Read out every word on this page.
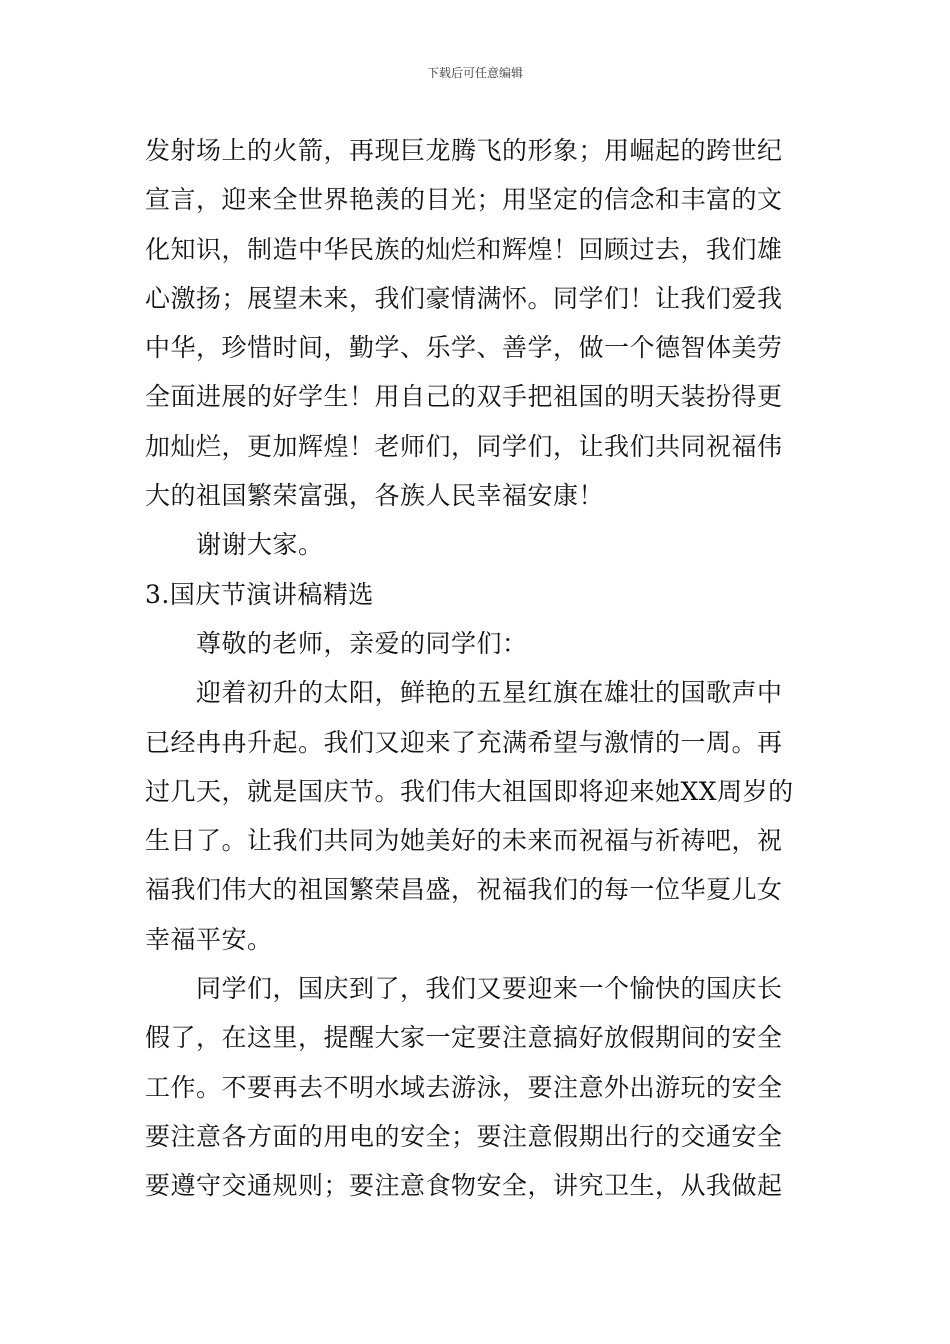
下载后可任意编辑
发射场上的火箭，再现巨龙腾飞的形象；用崛起的跨世纪
宣言，迎来全世界艳羡的目光；用坚定的信念和丰富的文
化知识，制造中华民族的灿烂和辉煌！回顾过去，我们雄
心激扬；展望未来，我们豪情满怀。同学们！让我们爱我
中华，珍惜时间，勤学、乐学、善学，做一个德智体美劳
全面进展的好学生！用自己的双手把祖国的明天装扮得更
加灿烂，更加辉煌！老师们，同学们，让我们共同祝福伟
大的祖国繁荣富强，各族人民幸福安康！
谢谢大家。
3.国庆节演讲稿精选
尊敬的老师，亲爱的同学们：
迎着初升的太阳，鲜艳的五星红旗在雄壮的国歌声中
已经冉冉升起。我们又迎来了充满希望与激情的一周。再
过几天，就是国庆节。我们伟大祖国即将迎来她XX周岁的
生日了。让我们共同为她美好的未来而祝福与祈祷吧，祝
福我们伟大的祖国繁荣昌盛，祝福我们的每一位华夏儿女
幸福平安。
同学们，国庆到了，我们又要迎来一个愉快的国庆长
假了，在这里，提醒大家一定要注意搞好放假期间的安全
工作。不要再去不明水域去游泳，要注意外出游玩的安全
要注意各方面的用电的安全；要注意假期出行的交通安全
要遵守交通规则；要注意食物安全，讲究卫生，从我做起
